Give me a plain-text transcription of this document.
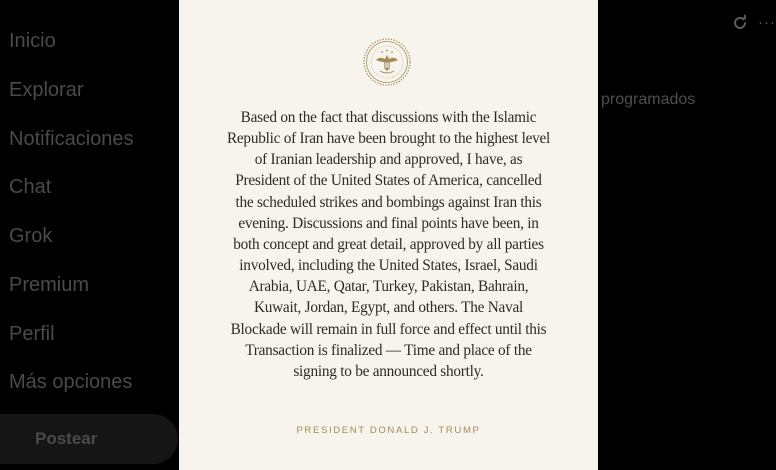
Inicio
Explorar
Notificaciones
Chat
Grok
Premium
Perfil
Más opciones
Postear
programados
···

Based on the fact that discussions with the Islamic
Republic of Iran have been brought to the highest level
of Iranian leadership and approved, I have, as
President of the United States of America, cancelled
the scheduled strikes and bombings against Iran this
evening. Discussions and final points have been, in
both concept and great detail, approved by all parties
involved, including the United States, Israel, Saudi
Arabia, UAE, Qatar, Turkey, Pakistan, Bahrain,
Kuwait, Jordan, Egypt, and others. The Naval
Blockade will remain in full force and effect until this
Transaction is finalized — Time and place of the
signing to be announced shortly.

PRESIDENT DONALD J. TRUMP
